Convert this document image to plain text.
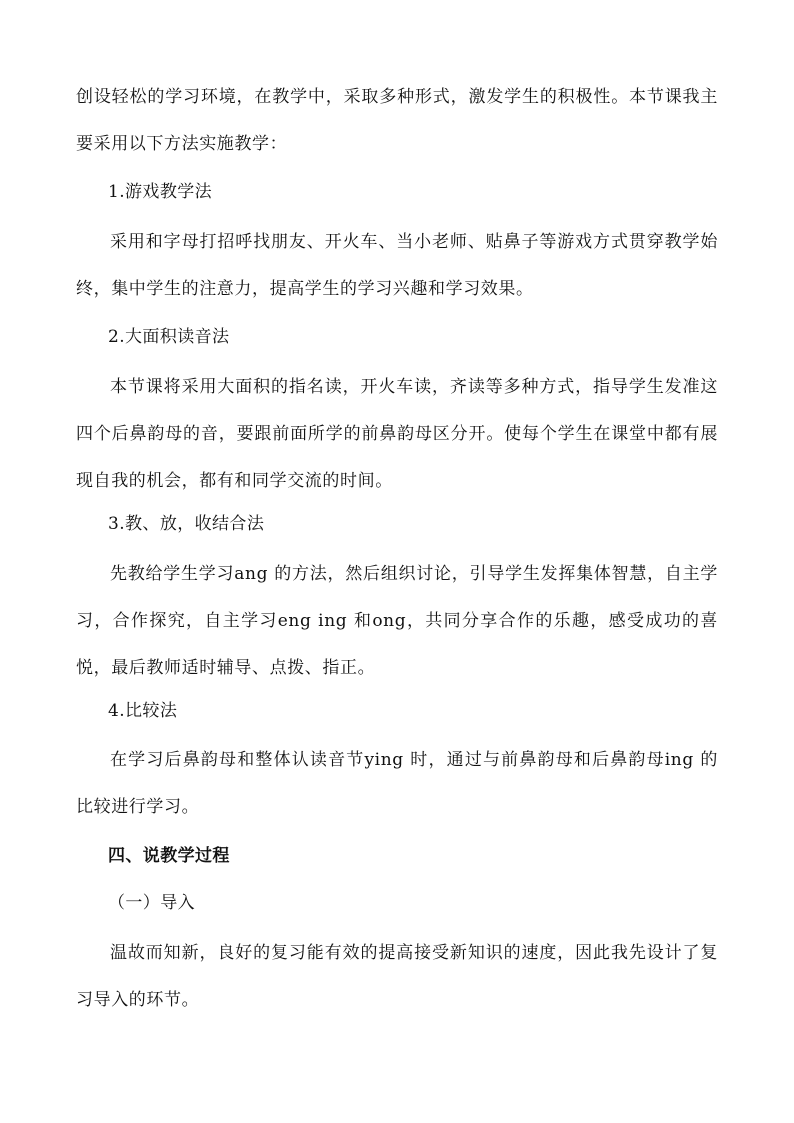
创设轻松的学习环境，在教学中，采取多种形式，激发学生的积极性。本节课我主要采用以下方法实施教学：

1.游戏教学法

采用和字母打招呼找朋友、开火车、当小老师、贴鼻子等游戏方式贯穿教学始终，集中学生的注意力，提高学生的学习兴趣和学习效果。

2.大面积读音法

本节课将采用大面积的指名读，开火车读，齐读等多种方式，指导学生发准这四个后鼻韵母的音，要跟前面所学的前鼻韵母区分开。使每个学生在课堂中都有展现自我的机会，都有和同学交流的时间。

3.教、放，收结合法

先教给学生学习ang 的方法，然后组织讨论，引导学生发挥集体智慧，自主学习，合作探究，自主学习eng ing 和ong，共同分享合作的乐趣，感受成功的喜悦，最后教师适时辅导、点拨、指正。

4.比较法

在学习后鼻韵母和整体认读音节ying 时，通过与前鼻韵母和后鼻韵母ing 的比较进行学习。

四、说教学过程

（一）导入

温故而知新，良好的复习能有效的提高接受新知识的速度，因此我先设计了复习导入的环节。
